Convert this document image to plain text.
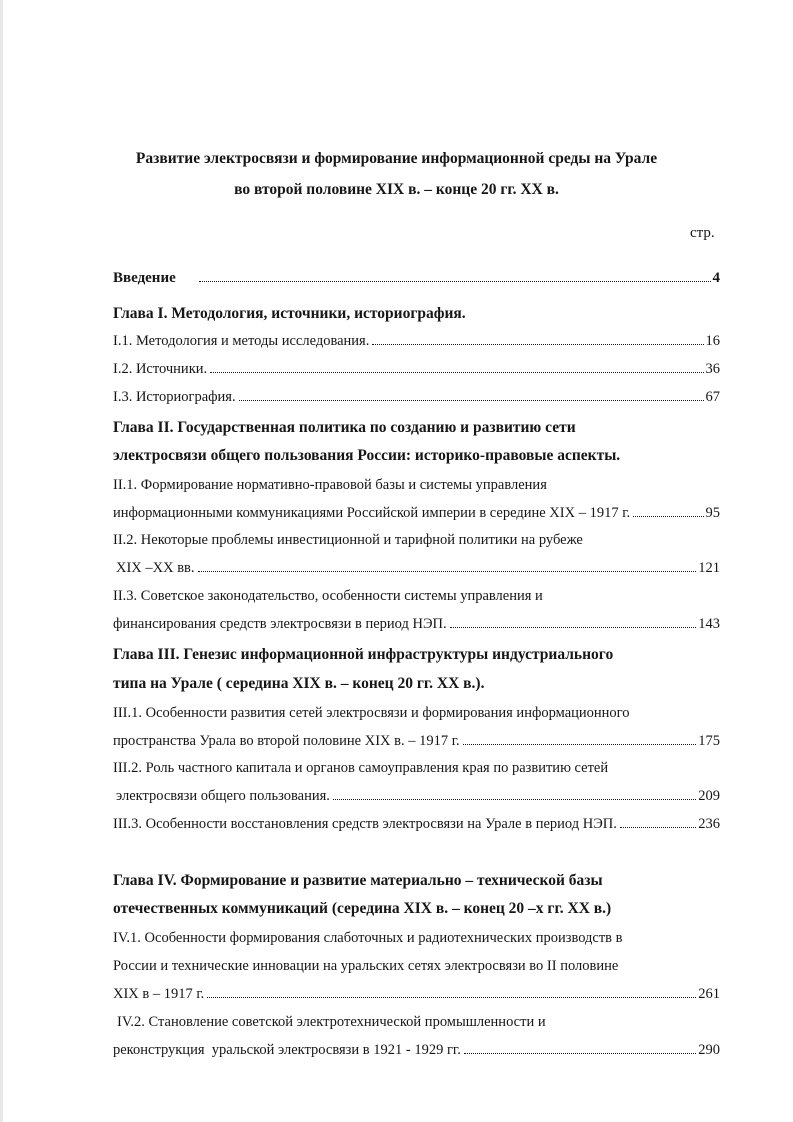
Развитие электросвязи и формирование информационной среды на Урале
во второй половине XIX в. – конце 20 гг. XX в.
стр.
Введение	4
Глава I. Методология, источники, историография.
I.1. Методология и методы исследования.	16
I.2. Источники.	36
I.3. Историография.	67
Глава II. Государственная политика по созданию и развитию сети
электросвязи общего пользования России: историко-правовые аспекты.
II.1. Формирование нормативно-правовой базы и системы управления
информационными коммуникациями Российской империи в середине XIX – 1917 г.	95
II.2. Некоторые проблемы инвестиционной и тарифной политики на рубеже
XIX –XX вв.	121
II.3. Советское законодательство, особенности системы управления и
финансирования средств электросвязи в период НЭП.	143
Глава III. Генезис информационной инфраструктуры индустриального
типа на Урале ( середина XIX в. – конец 20 гг. XX в.).
III.1. Особенности развития сетей электросвязи и формирования информационного
пространства Урала во второй половине XIX в. – 1917 г.	175
III.2. Роль частного капитала и органов самоуправления края по развитию сетей
электросвязи общего пользования.	209
III.3. Особенности восстановления средств электросвязи на Урале в период НЭП.	236
Глава IV. Формирование и развитие материально – технической базы
отечественных коммуникаций (середина XIX в. – конец 20 –х гг. XX в.)
IV.1. Особенности формирования слаботочных и радиотехнических производств в
России и технические инновации на уральских сетях электросвязи во II половине
XIX в – 1917 г.	261
IV.2. Становление советской электротехнической промышленности и
реконструкция  уральской электросвязи в 1921 - 1929 гг.	290
